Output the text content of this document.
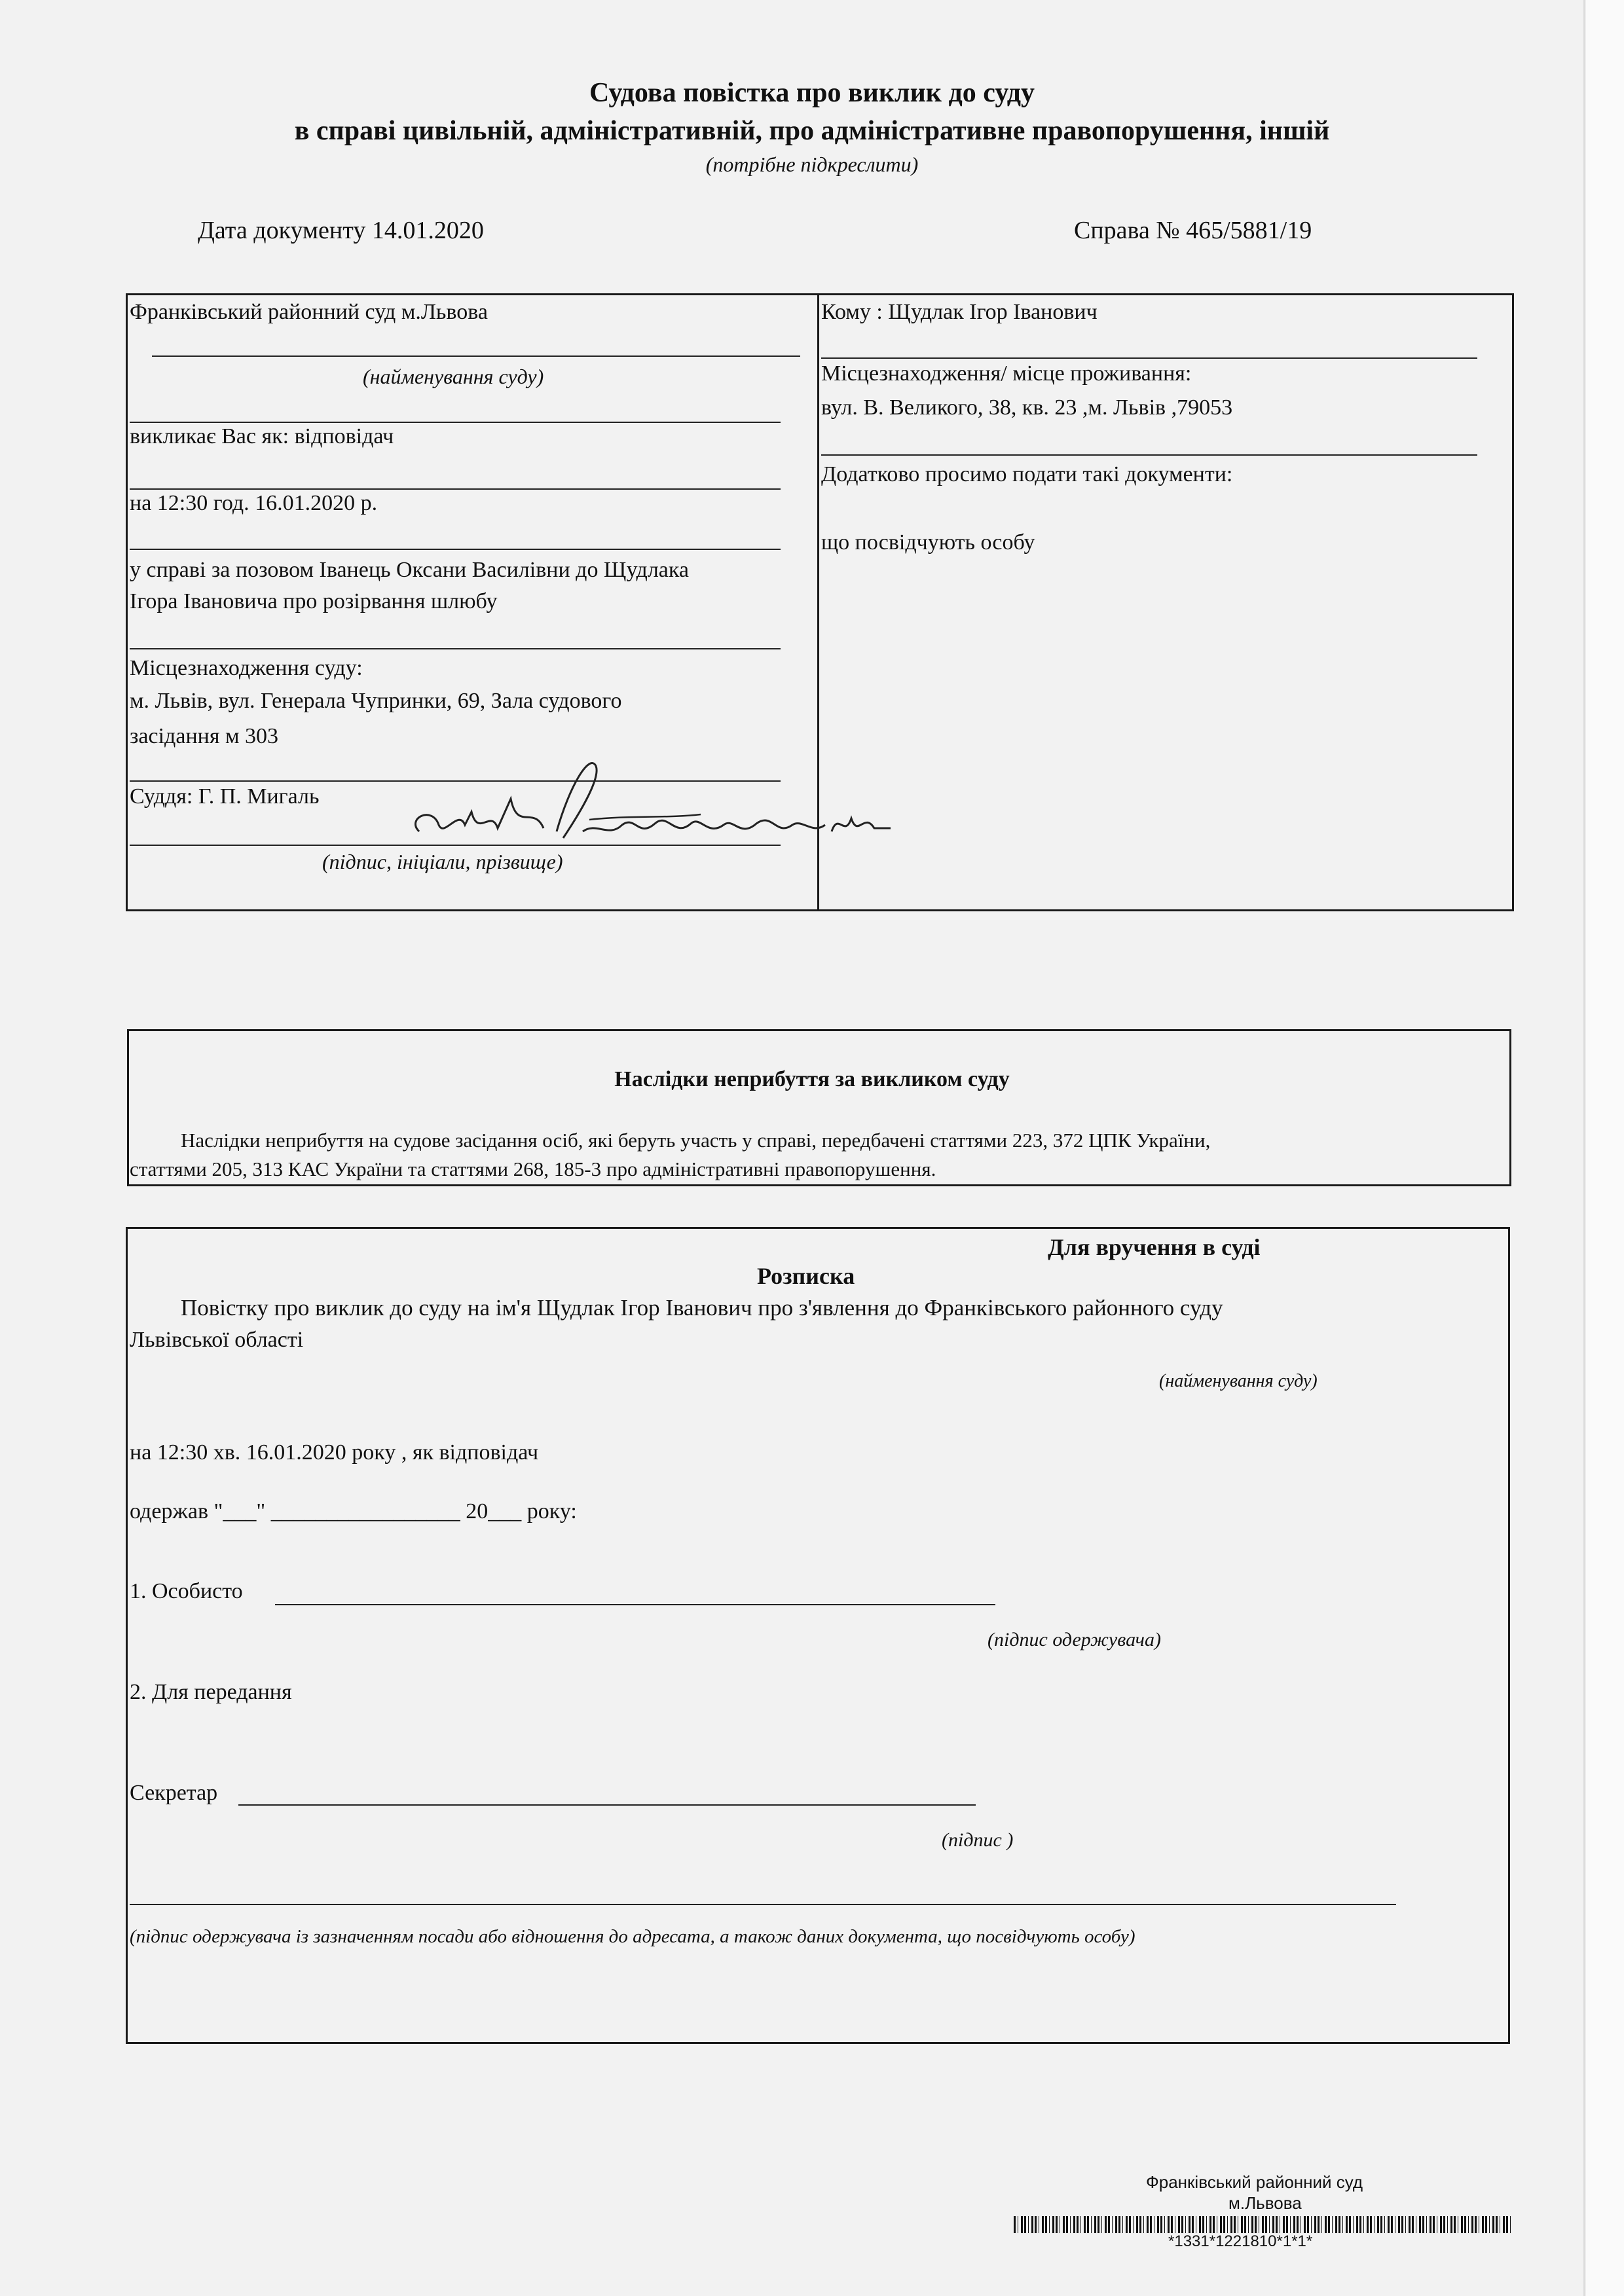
Судова повістка про виклик до суду
в справі цивільній, адміністративній, про адміністративне правопорушення, іншій
(потрібне підкреслити)
Дата документу 14.01.2020	Справа № 465/5881/19
Франківський районний суд м.Львова
(найменування суду)
викликає Вас як: відповідач
на 12:30 год. 16.01.2020 р.
у справі за позовом Іванець Оксани Василівни до Щудлака
Ігора Івановича про розірвання шлюбу
Місцезнаходження суду:
м. Львів, вул. Генерала Чупринки, 69, Зала судового
засідання м 303
Суддя: Г. П. Мигаль
(підпис, ініціали, прізвище)
Кому : Щудлак Ігор Іванович
Місцезнаходження/ місце проживання:
вул. В. Великого, 38, кв. 23 ,м. Львів ,79053
Додатково просимо подати такі документи:
що посвідчують особу
Наслідки неприбуття за викликом суду
Наслідки неприбуття на судове засідання осіб, які беруть участь у справі, передбачені статтями 223, 372 ЦПК України,
статтями 205, 313 КАС України та статтями 268, 185-3 про адміністративні правопорушення.
Для вручення в суді
Розписка
Повістку про виклик до суду на ім'я Щудлак Ігор Іванович про з'явлення до Франківського районного суду
Львівської області
(найменування суду)
на 12:30 хв. 16.01.2020 року , як відповідач
одержав "___" _________________ 20___ року:
1. Особисто
(підпис одержувача)
2. Для передання
Секретар
(підпис )
(підпис одержувача із зазначенням посади або відношення до адресата, а також даних документа, що посвідчують особу)
Франківський районний суд
м.Львова
*1331*1221810*1*1*
